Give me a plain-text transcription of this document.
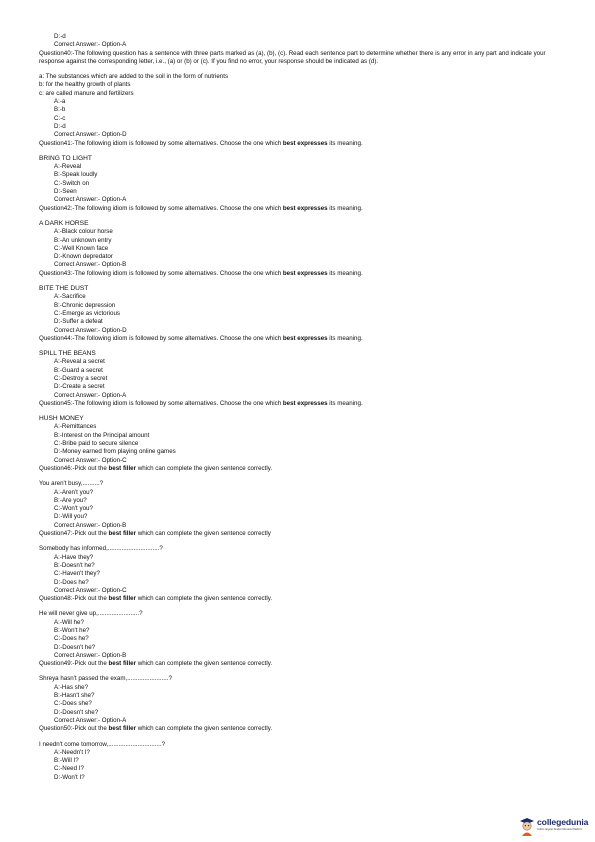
D:-d
Correct Answer:- Option-A
Question40:-The following question has a sentence with three parts marked as (a), (b), (c). Read each sentence part to determine whether there is any error in any part and indicate your response against the corresponding letter, i.e., (a) or (b) or (c). If you find no error, your response should be indicated as (d).
a: The substances which are added to the soil in the form of nutrients
b: for the healthy growth of plants
c: are called manure and fertilizers
A:-a
B:-b
C:-c
D:-d
Correct Answer:- Option-D
Question41:-The following idiom is followed by some alternatives. Choose the one which best expresses its meaning.
BRING TO LIGHT
A:-Reveal
B:-Speak loudly
C:-Switch on
D:-Seen
Correct Answer:- Option-A
Question42:-The following idiom is followed by some alternatives. Choose the one which best expresses its meaning.
A DARK HORSE
A:-Black colour horse
B:-An unknown entry
C:-Well Known face
D:-Known depredator
Correct Answer:- Option-B
Question43:-The following idiom is followed by some alternatives. Choose the one which best expresses its meaning.
BITE THE DUST
A:-Sacrifice
B:-Chronic depression
C:-Emerge as victorious
D:-Suffer a defeat
Correct Answer:- Option-D
Question44:-The following idiom is followed by some alternatives. Choose the one which best expresses its meaning.
SPILL THE BEANS
A:-Reveal a secret
B:-Guard a secret
C:-Destroy a secret
D:-Create a secret
Correct Answer:- Option-A
Question45:-The following idiom is followed by some alternatives. Choose the one which best expresses its meaning.
HUSH MONEY
A:-Remittances
B:-Interest on the Principal amount
C:-Bribe paid to secure silence
D:-Money earned from playing online games
Correct Answer:- Option-C
Question46:-Pick out the best filler which can complete the given sentence correctly.
You aren't busy,..........?
A:-Aren't you?
B:-Are you?
C:-Won't you?
D:-Will you?
Correct Answer:- Option-B
Question47:-Pick out the best filler which can complete the given sentence correctly
Somebody has informed,..............................?
A:-Have they?
B:-Doesn't he?
C:-Haven't they?
D:-Does he?
Correct Answer:- Option-C
Question48:-Pick out the best filler which can complete the given sentence correctly.
He will never give up,........................?
A:-Will he?
B:-Won't he?
C:-Does he?
D:-Doesn't he?
Correct Answer:- Option-B
Question49:-Pick out the best filler which can complete the given sentence correctly.
Shreya hasn't passed the exam,........................?
A:-Has she?
B:-Hasn't she?
C:-Does she?
D:-Doesn't she?
Correct Answer:- Option-A
Question50:-Pick out the best filler which can complete the given sentence correctly.
I needn't come tomorrow,...............................?
A:-Needn't I?
B:-Will I?
C:-Need I?
D:-Won't I?
collegedunia
India's largest Student Review Platform
